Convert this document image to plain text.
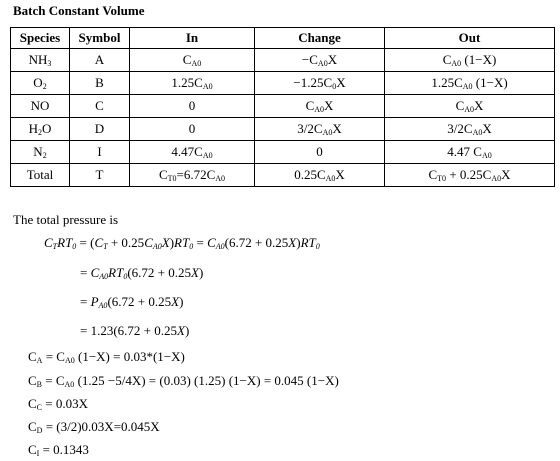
Batch Constant Volume
Species	Symbol	In	Change	Out
$NH_3$	A	$C_{A0}$	$-C_{A0}X$	$C_{A0}$ (1−X)
$O_2$	B	$1.25C_{A0}$	$-1.25C_0X$	$1.25C_{A0}$ (1−X)
NO	C	0	$C_{A0}X$	$C_{A0}X$
$H_2O$	D	0	$3/2C_{A0}X$	$3/2C_{A0}X$
$N_2$	I	$4.47C_{A0}$	0	4.47 $C_{A0}$
Total	T	$C_{T0}=6.72C_{A0}$	$0.25C_{A0}X$	$C_{T0} + 0.25C_{A0}X$
The total pressure is
$C_TRT_0 = (C_T + 0.25C_{A0}X)RT_0 = C_{A0}(6.72 + 0.25X)RT_0$
= $C_{A0}RT_0(6.72 + 0.25X)$
= $P_{A0}(6.72 + 0.25X)$
= 1.23(6.72 + 0.25X)
$C_A = C_{A0}$ (1−X) = 0.03*(1−X)
$C_B = C_{A0}$ (1.25 −5/4X) = (0.03) (1.25) (1−X) = 0.045 (1−X)
$C_C = 0.03X$
$C_D = (3/2)0.03X=0.045X$
$C_I = 0.1343$
